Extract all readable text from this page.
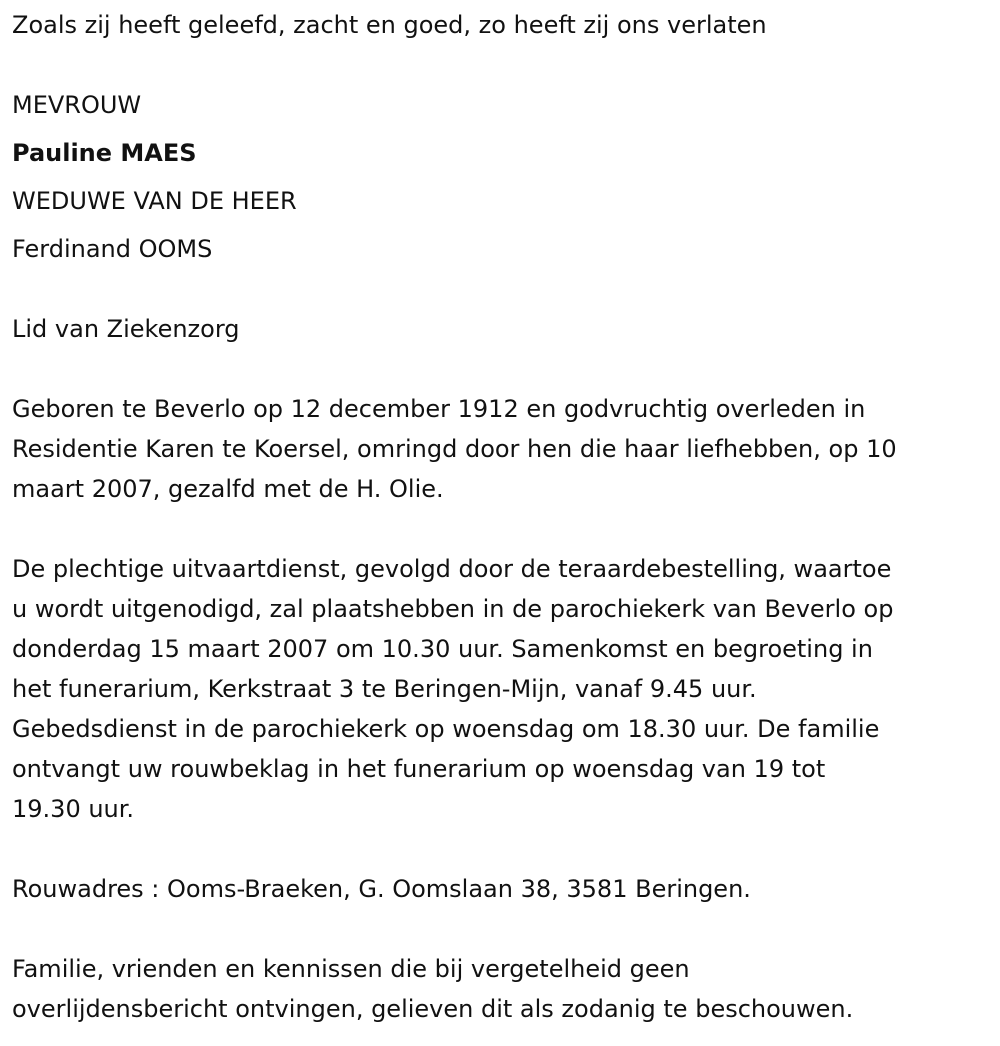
Zoals zij heeft geleefd, zacht en goed, zo heeft zij ons verlaten

MEVROUW

Pauline MAES

WEDUWE VAN DE HEER

Ferdinand OOMS

Lid van Ziekenzorg

Geboren te Beverlo op 12 december 1912 en godvruchtig overleden in

Residentie Karen te Koersel, omringd door hen die haar liefhebben, op 10

maart 2007, gezalfd met de H. Olie.

De plechtige uitvaartdienst, gevolgd door de teraardebestelling, waartoe

u wordt uitgenodigd, zal plaatshebben in de parochiekerk van Beverlo op

donderdag 15 maart 2007 om 10.30 uur. Samenkomst en begroeting in

het funerarium, Kerkstraat 3 te Beringen-Mijn, vanaf 9.45 uur.

Gebedsdienst in de parochiekerk op woensdag om 18.30 uur. De familie

ontvangt uw rouwbeklag in het funerarium op woensdag van 19 tot

19.30 uur.

Rouwadres : Ooms-Braeken, G. Oomslaan 38, 3581 Beringen.

Familie, vrienden en kennissen die bij vergetelheid geen

overlijdensbericht ontvingen, gelieven dit als zodanig te beschouwen.
